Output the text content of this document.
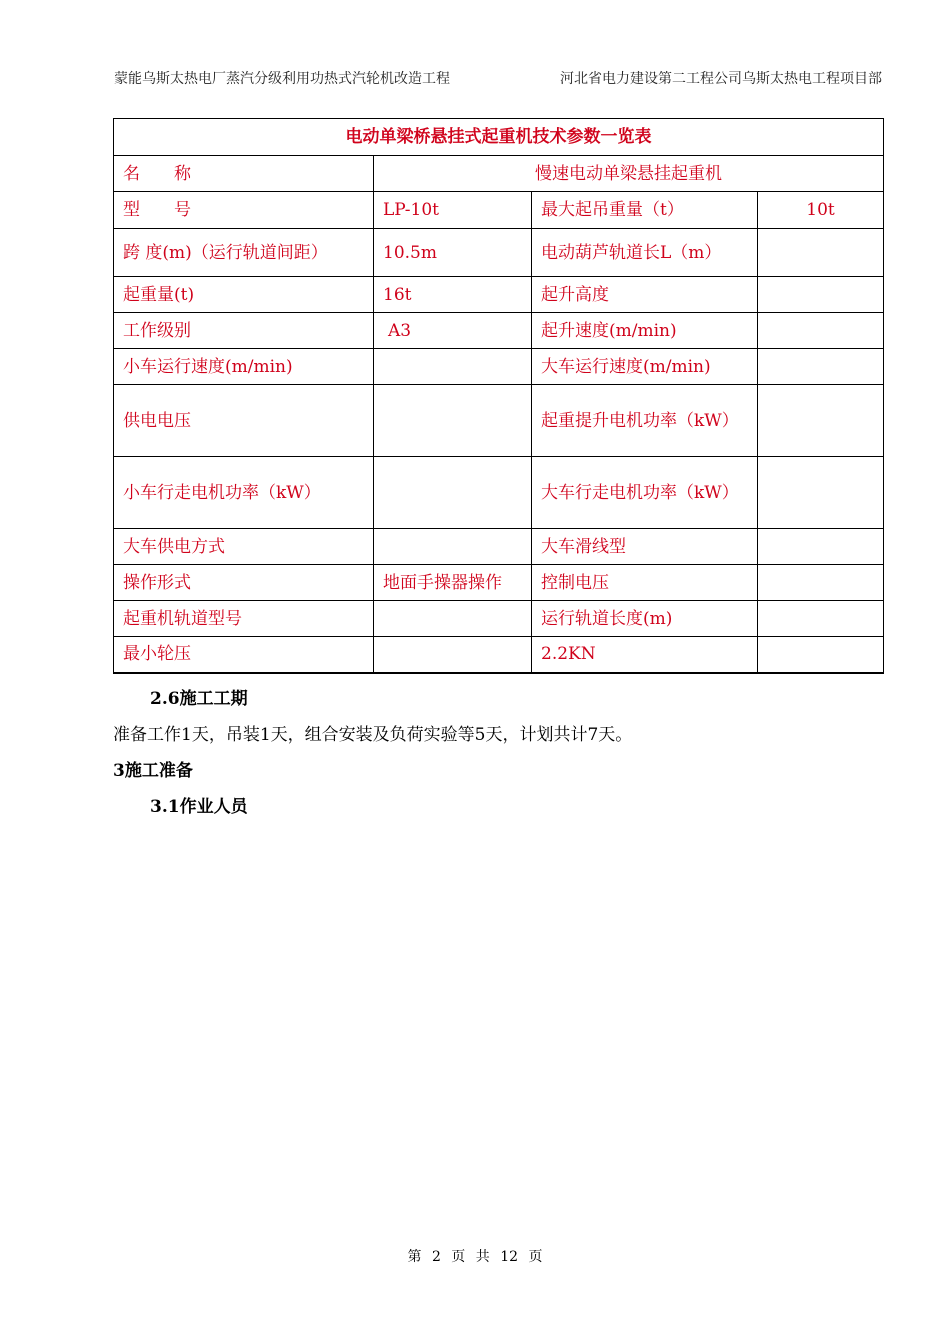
蒙能乌斯太热电厂蒸汽分级利用功热式汽轮机改造工程	河北省电力建设第二工程公司乌斯太热电工程项目部
电动单梁桥悬挂式起重机技术参数一览表			
名　　称	慢速电动单梁悬挂起重机		
型　　号	LP-10t	最大起吊重量（t）	10t
跨 度(m)（运行轨道间距）	10.5m	电动葫芦轨道长L（m）	
起重量(t)	16t	起升高度	
工作级别	A3	起升速度(m/min)	
小车运行速度(m/min)		大车运行速度(m/min)	
供电电压		起重提升电机功率（kW）	
小车行走电机功率（kW）		大车行走电机功率（kW）	
大车供电方式		大车滑线型	
操作形式	地面手操器操作	控制电压	
起重机轨道型号		运行轨道长度(m)	
最小轮压		2.2KN	
2.6施工工期
准备工作1天，吊装1天，组合安装及负荷实验等5天，计划共计7天。
3施工准备
3.1作业人员
第 2 页 共 12 页
